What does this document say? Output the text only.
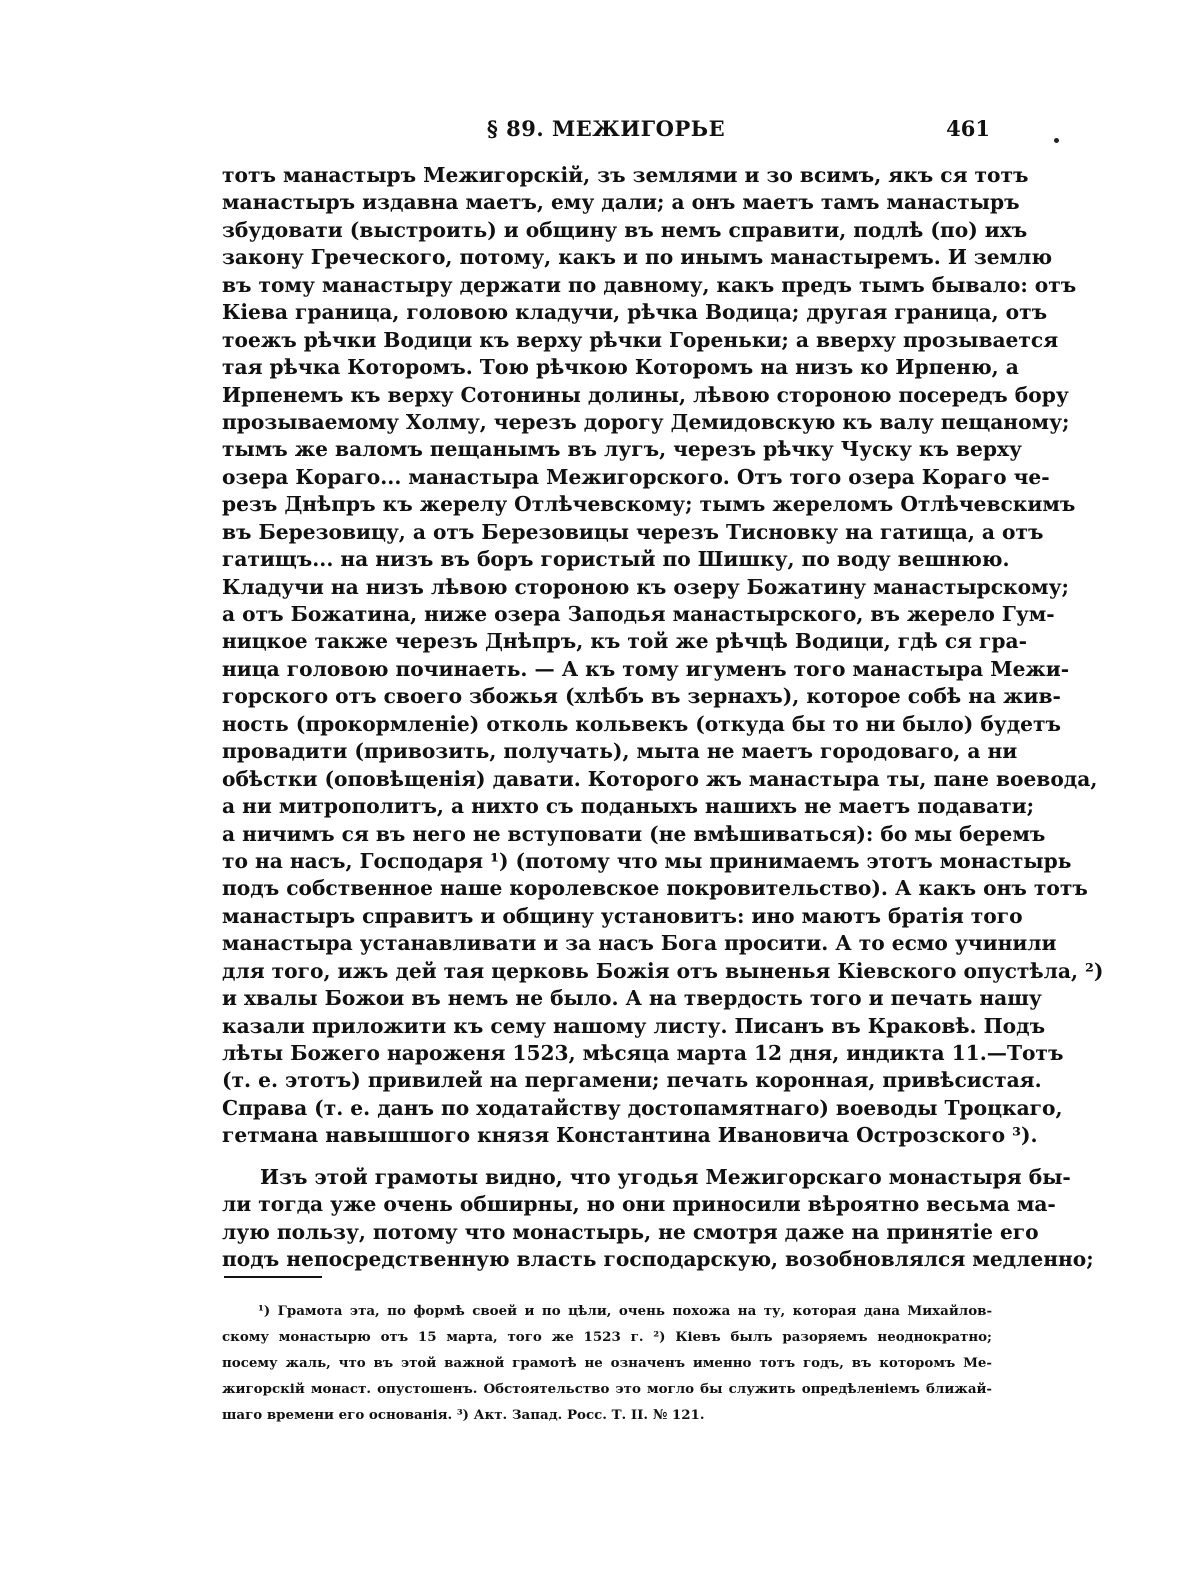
§ 89. МЕЖИГОРЬЕ	461
тотъ манастыръ Межигорскій, зъ землями и зо всимъ, якъ ся тотъ
манастыръ издавна маетъ, ему дали; а онъ маетъ тамъ манастыръ
збудовати (выстроить) и общину въ немъ справити, подлѣ (по) ихъ
закону Греческого, потому, какъ и по инымъ манастыремъ. И землю
въ тому манастыру держати по давному, какъ предъ тымъ бывало: отъ
Кіева граница, головою кладучи, рѣчка Водица; другая граница, отъ
тоежъ рѣчки Водици къ верху рѣчки Гореньки; а вверху прозывается
тая рѣчка Которомъ. Тою рѣчкою Которомъ на низъ ко Ирпеню, а
Ирпенемъ къ верху Сотонины долины, лѣвою стороною посередъ бору
прозываемому Холму, черезъ дорогу Демидовскую къ валу пещаному;
тымъ же валомъ пещанымъ въ лугъ, черезъ рѣчку Чуску къ верху
озера Кораго... манастыра Межигорского. Отъ того озера Кораго че-
резъ Днѣпръ къ жерелу Отлѣчевскому; тымъ жереломъ Отлѣчевскимъ
въ Березовицу, а отъ Березовицы черезъ Тисновку на гатища, а отъ
гатищъ... на низъ въ боръ гористый по Шишку, по воду вешнюю.
Кладучи на низъ лѣвою стороною къ озеру Божатину манастырскому;
а отъ Божатина, ниже озера Заподья манастырского, въ жерело Гум-
ницкое также черезъ Днѣпръ, къ той же рѣчцѣ Водици, гдѣ ся гра-
ница головою починаеть. — А къ тому игуменъ того манастыра Межи-
горского отъ своего збожья (хлѣбъ въ зернахъ), которое собѣ на жив-
ность (прокормленіе) отколь кольвекъ (откуда бы то ни было) будетъ
провадити (привозить, получать), мыта не маетъ городоваго, а ни
обѣстки (оповѣщенія) давати. Которого жъ манастыра ты, пане воевода,
а ни митрополитъ, а нихто съ поданыхъ нашихъ не маетъ подавати;
а ничимъ ся въ него не вступовати (не вмѣшиваться): бо мы беремъ
то на насъ, Господаря ¹) (потому что мы принимаемъ этотъ монастырь
подъ собственное наше королевское покровительство). А какъ онъ тотъ
манастыръ справитъ и общину установитъ: ино маютъ братія того
манастыра устанавливати и за насъ Бога просити. А то есмо учинили
для того, ижъ дей тая церковь Божія отъ выненья Кіевского опустѣла, ²)
и хвалы Божои въ немъ не было. А на твердость того и печать нашу
казали приложити къ сему нашому листу. Писанъ въ Краковѣ. Подъ
лѣты Божего нароженя 1523, мѣсяца марта 12 дня, индикта 11.—Тотъ
(т. е. этотъ) привилей на пергамени; печать коронная, привѣсистая.
Справа (т. е. данъ по ходатайству достопамятнаго) воеводы Троцкаго,
гетмана навышшого князя Константина Ивановича Острозского ³).
Изъ этой грамоты видно, что угодья Межигорскаго монастыря бы-
ли тогда уже очень обширны, но они приносили вѣроятно весьма ма-
лую пользу, потому что монастырь, не смотря даже на принятіе его
подъ непосредственную власть господарскую, возобновлялся медленно;
¹) Грамота эта, по формѣ своей и по цѣли, очень похожа на ту, которая дана Михайлов-
скому монастырю отъ 15 марта, того же 1523 г. ²) Кіевъ былъ разоряемъ неоднократно;
посему жаль, что въ этой важной грамотѣ не означенъ именно тотъ годъ, въ которомъ Ме-
жигорскій монаст. опустошенъ. Обстоятельство это могло бы служить опредѣленіемъ ближай-
шаго времени его основанія. ³) Акт. Запад. Росс. Т. II. № 121.
